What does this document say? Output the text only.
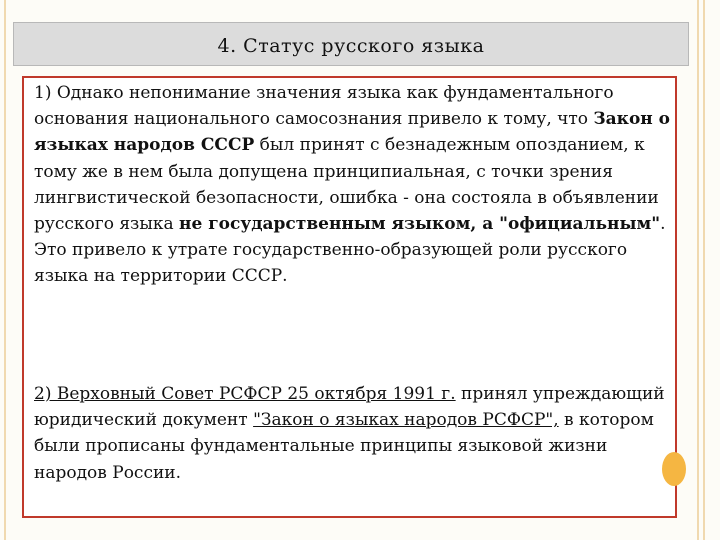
4. Статус русского языка
1) Однако непонимание значения языка как фундаментального основания национального самосознания привело к тому, что Закон о языках народов СССР был принят с безнадежным опозданием, к тому же в нем была допущена принципиальная, с точки зрения лингвистической безопасности, ошибка - она состояла в объявлении русского языка не государственным языком, а "официальным". Это привело к утрате государственно-образующей роли русского языка на территории СССР.
2) Верховный Совет РСФСР 25 октября 1991 г. принял упреждающий юридический документ "Закон о языках народов РСФСР", в котором были прописаны фундаментальные принципы языковой жизни народов России.
